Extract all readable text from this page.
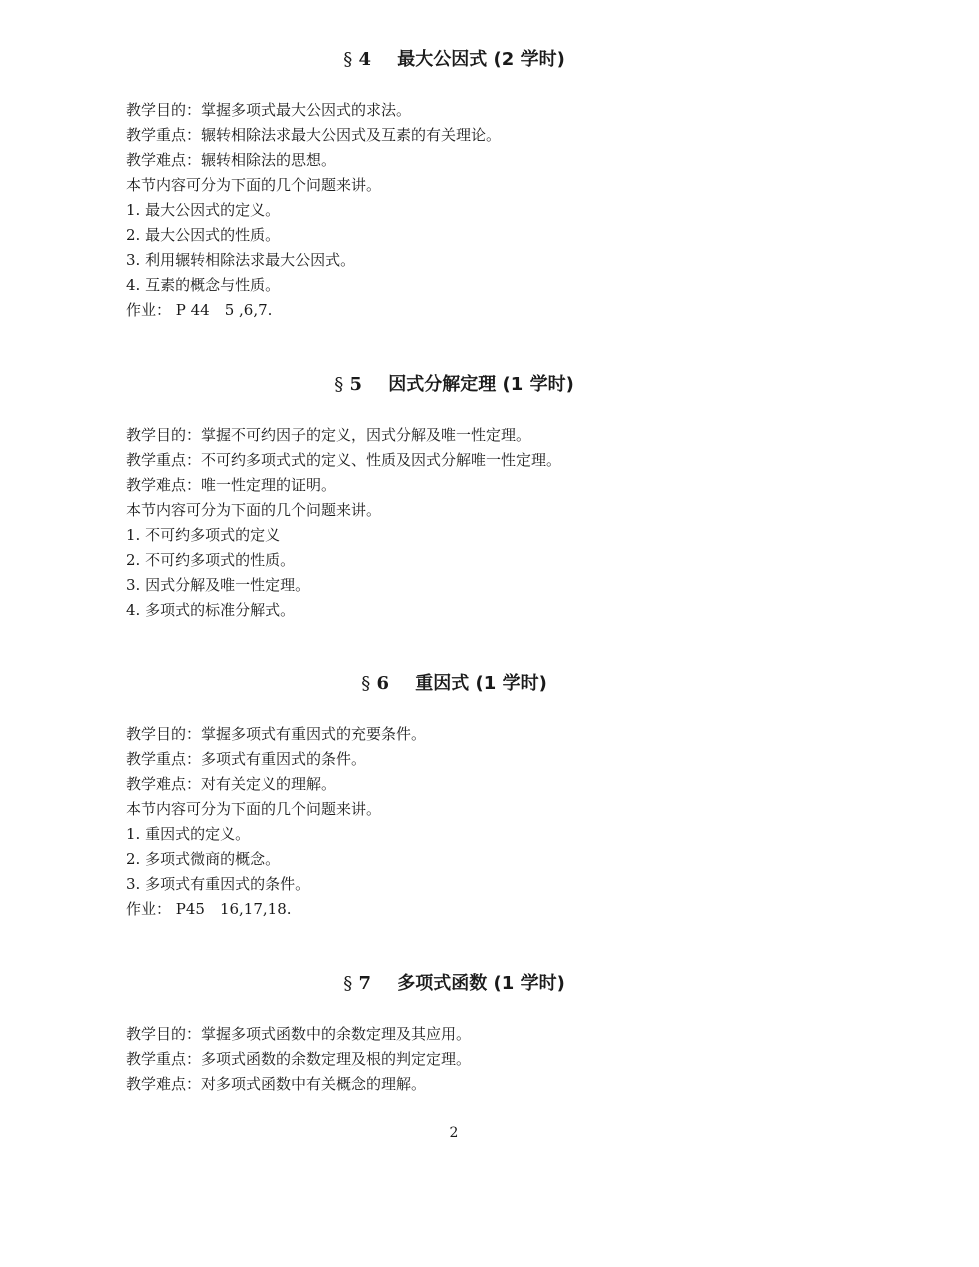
§ 4 最大公因式 (2 学时)
教学目的：掌握多项式最大公因式的求法。
教学重点：辗转相除法求最大公因式及互素的有关理论。
教学难点：辗转相除法的思想。
本节内容可分为下面的几个问题来讲。
1. 最大公因式的定义。
2. 最大公因式的性质。
3. 利用辗转相除法求最大公因式。
4. 互素的概念与性质。
作业： P 44　5 ,6,7.
§ 5 因式分解定理 (1 学时)
教学目的：掌握不可约因子的定义，因式分解及唯一性定理。
教学重点：不可约多项式式的定义、性质及因式分解唯一性定理。
教学难点：唯一性定理的证明。
本节内容可分为下面的几个问题来讲。
1. 不可约多项式的定义
2. 不可约多项式的性质。
3. 因式分解及唯一性定理。
4. 多项式的标准分解式。
§ 6 重因式 (1 学时)
教学目的：掌握多项式有重因式的充要条件。
教学重点：多项式有重因式的条件。
教学难点：对有关定义的理解。
本节内容可分为下面的几个问题来讲。
1. 重因式的定义。
2. 多项式微商的概念。
3. 多项式有重因式的条件。
作业： P45　16,17,18.
§ 7 多项式函数 (1 学时)
教学目的：掌握多项式函数中的余数定理及其应用。
教学重点：多项式函数的余数定理及根的判定定理。
教学难点：对多项式函数中有关概念的理解。
2
